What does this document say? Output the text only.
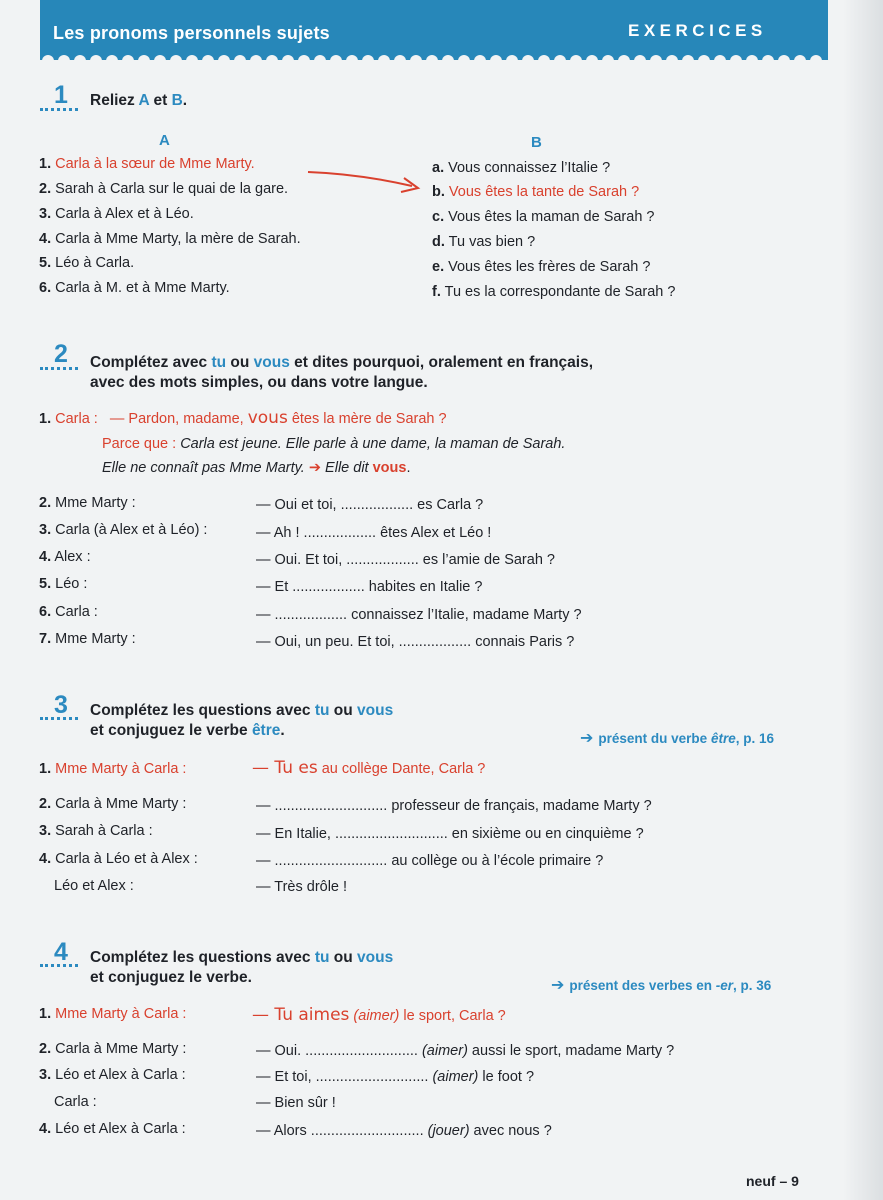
Les pronoms personnels sujets	EXERCICES
1 Reliez A et B.
A	B
1. Carla à la sœur de Mme Marty.
2. Sarah à Carla sur le quai de la gare.
3. Carla à Alex et à Léo.
4. Carla à Mme Marty, la mère de Sarah.
5. Léo à Carla.
6. Carla à M. et à Mme Marty.
a. Vous connaissez l’Italie ?
b. Vous êtes la tante de Sarah ?
c. Vous êtes la maman de Sarah ?
d. Tu vas bien ?
e. Vous êtes les frères de Sarah ?
f. Tu es la correspondante de Sarah ?
2 Complétez avec tu ou vous et dites pourquoi, oralement en français,
avec des mots simples, ou dans votre langue.
1. Carla : — Pardon, madame, vous êtes la mère de Sarah ?
Parce que : Carla est jeune. Elle parle à une dame, la maman de Sarah.
Elle ne connaît pas Mme Marty. ➔ Elle dit vous.
2. Mme Marty :	— Oui et toi, .................. es Carla ?
3. Carla (à Alex et à Léo) :	— Ah ! .................. êtes Alex et Léo !
4. Alex :	— Oui. Et toi, .................. es l’amie de Sarah ?
5. Léo :	— Et .................. habites en Italie ?
6. Carla :	— .................. connaissez l’Italie, madame Marty ?
7. Mme Marty :	— Oui, un peu. Et toi, .................. connais Paris ?
3 Complétez les questions avec tu ou vous
et conjuguez le verbe être.	➔ présent du verbe être, p. 16
1. Mme Marty à Carla :	— Tu es au collège Dante, Carla ?
2. Carla à Mme Marty :	— ............................ professeur de français, madame Marty ?
3. Sarah à Carla :	— En Italie, ............................ en sixième ou en cinquième ?
4. Carla à Léo et à Alex :	— ............................ au collège ou à l’école primaire ?
Léo et Alex :	— Très drôle !
4 Complétez les questions avec tu ou vous
et conjuguez le verbe.	➔ présent des verbes en -er, p. 36
1. Mme Marty à Carla :	— Tu aimes (aimer) le sport, Carla ?
2. Carla à Mme Marty :	— Oui. ............................ (aimer) aussi le sport, madame Marty ?
3. Léo et Alex à Carla :	— Et toi, ............................ (aimer) le foot ?
Carla :	— Bien sûr !
4. Léo et Alex à Carla :	— Alors ............................ (jouer) avec nous ?
neuf – 9
